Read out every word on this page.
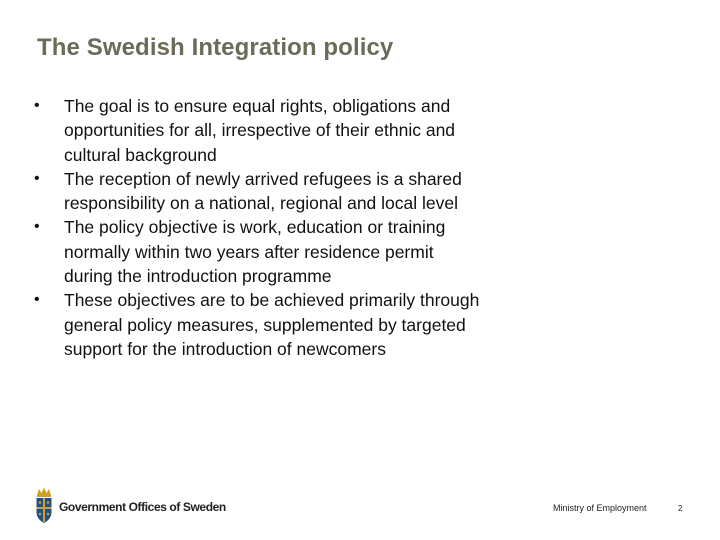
The Swedish Integration policy
• The goal is to ensure equal rights, obligations and opportunities for all, irrespective of their ethnic and cultural background
• The reception of newly arrived refugees is a shared responsibility on a national, regional and local level
• The policy objective is work, education or training normally within two years after residence permit during the introduction programme
• These objectives are to be achieved primarily through general policy measures, supplemented by targeted support for the introduction of newcomers
Government Offices of Sweden	Ministry of Employment	2
